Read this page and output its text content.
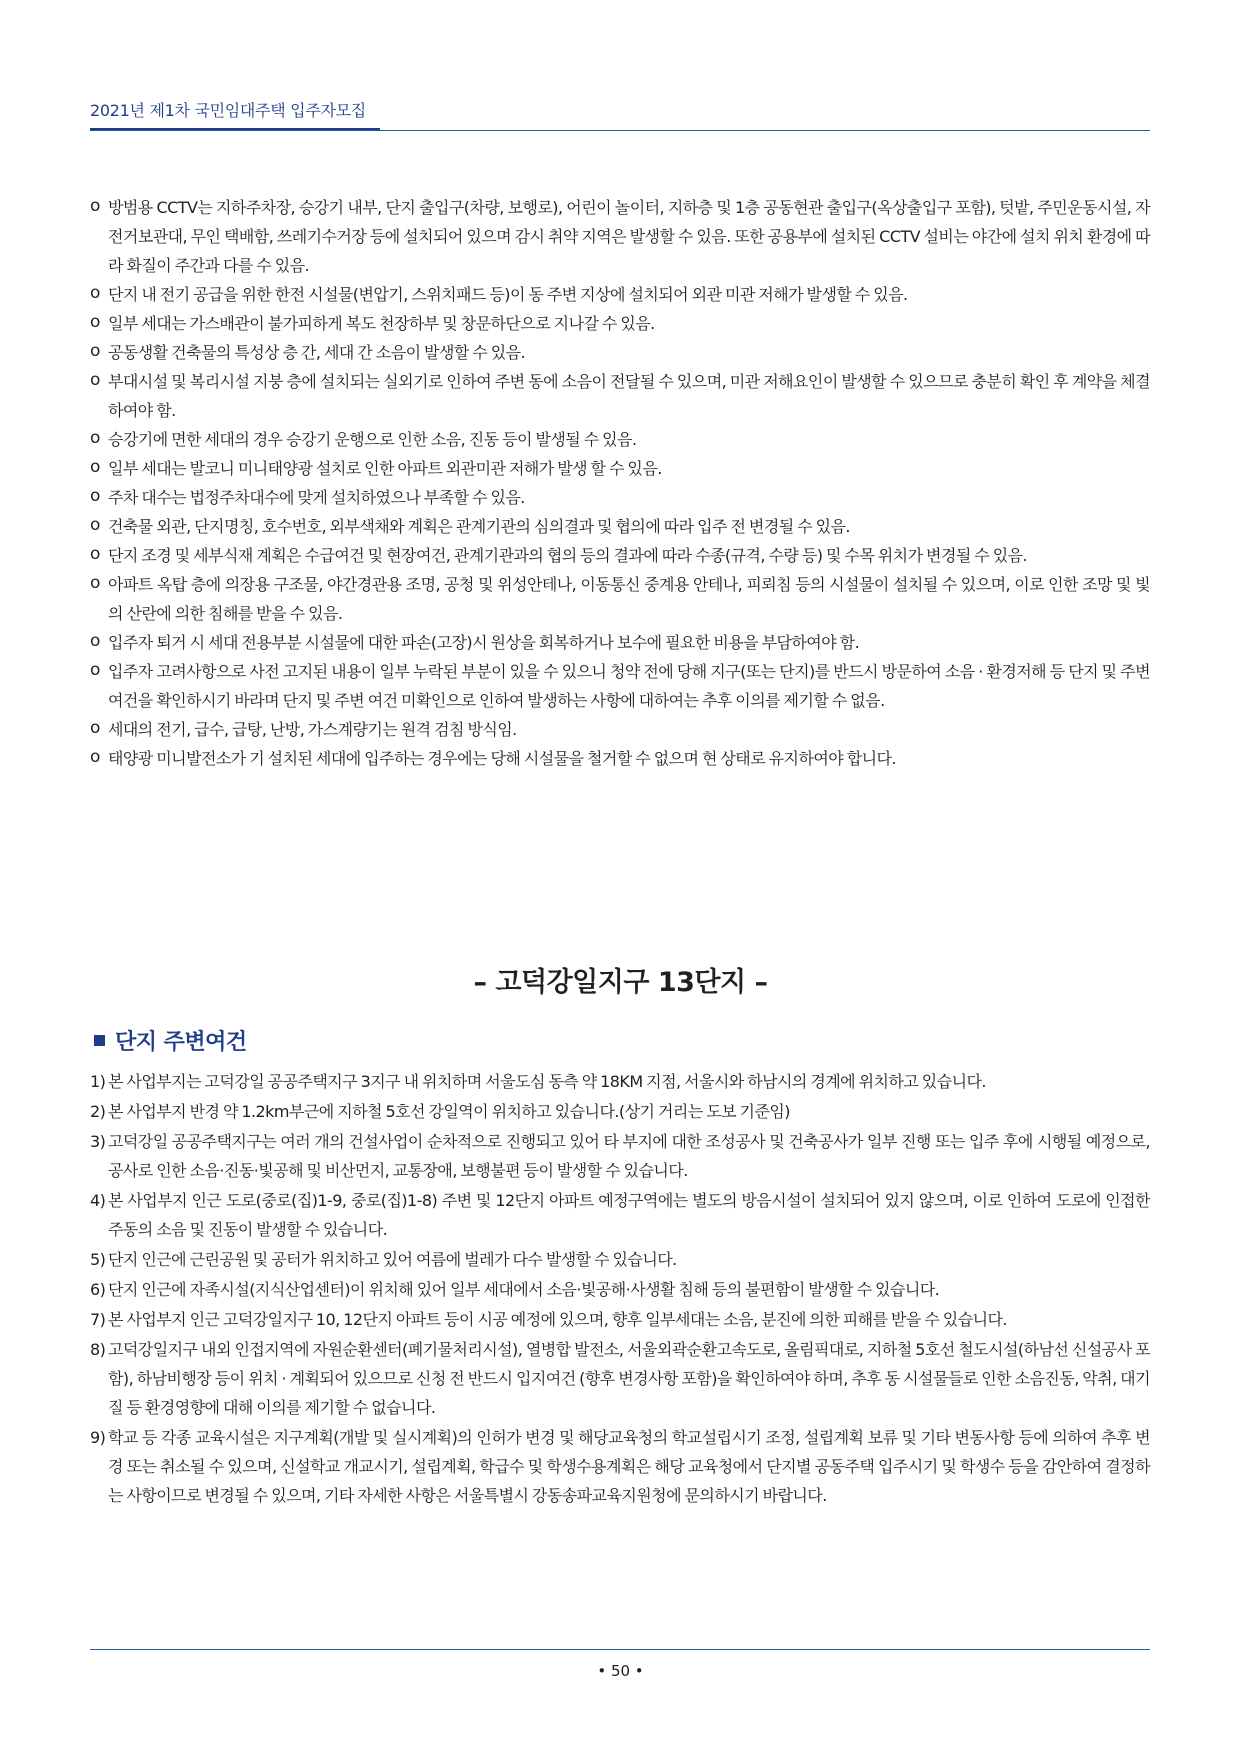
2021년 제1차 국민임대주택 입주자모집
o 방범용 CCTV는 지하주차장, 승강기 내부, 단지 출입구(차량, 보행로), 어린이 놀이터, 지하층 및 1층 공동현관 출입구(옥상출입구 포함), 텃밭, 주민운동시설, 자전거보관대, 무인 택배함, 쓰레기수거장 등에 설치되어 있으며 감시 취약 지역은 발생할 수 있음. 또한 공용부에 설치된 CCTV 설비는 야간에 설치 위치 환경에 따라 화질이 주간과 다를 수 있음.
o 단지 내 전기 공급을 위한 한전 시설물(변압기, 스위치패드 등)이 동 주변 지상에 설치되어 외관 미관 저해가 발생할 수 있음.
o 일부 세대는 가스배관이 불가피하게 복도 천장하부 및 창문하단으로 지나갈 수 있음.
o 공동생활 건축물의 특성상 층 간, 세대 간 소음이 발생할 수 있음.
o 부대시설 및 복리시설 지붕 층에 설치되는 실외기로 인하여 주변 동에 소음이 전달될 수 있으며, 미관 저해요인이 발생할 수 있으므로 충분히 확인 후 계약을 체결하여야 함.
o 승강기에 면한 세대의 경우 승강기 운행으로 인한 소음, 진동 등이 발생될 수 있음.
o 일부 세대는 발코니 미니태양광 설치로 인한 아파트 외관미관 저해가 발생 할 수 있음.
o 주차 대수는 법정주차대수에 맞게 설치하였으나 부족할 수 있음.
o 건축물 외관, 단지명칭, 호수번호, 외부색채와 계획은 관계기관의 심의결과 및 협의에 따라 입주 전 변경될 수 있음.
o 단지 조경 및 세부식재 계획은 수급여건 및 현장여건, 관계기관과의 협의 등의 결과에 따라 수종(규격, 수량 등) 및 수목 위치가 변경될 수 있음.
o 아파트 옥탑 층에 의장용 구조물, 야간경관용 조명, 공청 및 위성안테나, 이동통신 중계용 안테나, 피뢰침 등의 시설물이 설치될 수 있으며, 이로 인한 조망 및 빛의 산란에 의한 침해를 받을 수 있음.
o 입주자 퇴거 시 세대 전용부분 시설물에 대한 파손(고장)시 원상을 회복하거나 보수에 필요한 비용을 부담하여야 함.
o 입주자 고려사항으로 사전 고지된 내용이 일부 누락된 부분이 있을 수 있으니 청약 전에 당해 지구(또는 단지)를 반드시 방문하여 소음 · 환경저해 등 단지 및 주변 여건을 확인하시기 바라며 단지 및 주변 여건 미확인으로 인하여 발생하는 사항에 대하여는 추후 이의를 제기할 수 없음.
o 세대의 전기, 급수, 급탕, 난방, 가스계량기는 원격 검침 방식임.
o 태양광 미니발전소가 기 설치된 세대에 입주하는 경우에는 당해 시설물을 철거할 수 없으며 현 상태로 유지하여야 합니다.
– 고덕강일지구 13단지 –
단지 주변여건
1) 본 사업부지는 고덕강일 공공주택지구 3지구 내 위치하며 서울도심 동측 약 18KM 지점, 서울시와 하남시의 경계에 위치하고 있습니다.
2) 본 사업부지 반경 약 1.2km부근에 지하철 5호선 강일역이 위치하고 있습니다.(상기 거리는 도보 기준임)
3) 고덕강일 공공주택지구는 여러 개의 건설사업이 순차적으로 진행되고 있어 타 부지에 대한 조성공사 및 건축공사가 일부 진행 또는 입주 후에 시행될 예정으로, 공사로 인한 소음·진동·빛공해 및 비산먼지, 교통장애, 보행불편 등이 발생할 수 있습니다.
4) 본 사업부지 인근 도로(중로(집)1-9, 중로(집)1-8) 주변 및 12단지 아파트 예정구역에는 별도의 방음시설이 설치되어 있지 않으며, 이로 인하여 도로에 인접한 주동의 소음 및 진동이 발생할 수 있습니다.
5) 단지 인근에 근린공원 및 공터가 위치하고 있어 여름에 벌레가 다수 발생할 수 있습니다.
6) 단지 인근에 자족시설(지식산업센터)이 위치해 있어 일부 세대에서 소음·빛공해·사생활 침해 등의 불편함이 발생할 수 있습니다.
7) 본 사업부지 인근 고덕강일지구 10, 12단지 아파트 등이 시공 예정에 있으며, 향후 일부세대는 소음, 분진에 의한 피해를 받을 수 있습니다.
8) 고덕강일지구 내외 인접지역에 자원순환센터(폐기물처리시설), 열병합 발전소, 서울외곽순환고속도로, 올림픽대로, 지하철 5호선 철도시설(하남선 신설공사 포함), 하남비행장 등이 위치 · 계획되어 있으므로 신청 전 반드시 입지여건 (향후 변경사항 포함)을 확인하여야 하며, 추후 동 시설물들로 인한 소음진동, 악취, 대기질 등 환경영향에 대해 이의를 제기할 수 없습니다.
9) 학교 등 각종 교육시설은 지구계획(개발 및 실시계획)의 인허가 변경 및 해당교육청의 학교설립시기 조정, 설립계획 보류 및 기타 변동사항 등에 의하여 추후 변경 또는 취소될 수 있으며, 신설학교 개교시기, 설립계획, 학급수 및 학생수용계획은 해당 교육청에서 단지별 공동주택 입주시기 및 학생수 등을 감안하여 결정하는 사항이므로 변경될 수 있으며, 기타 자세한 사항은 서울특별시 강동송파교육지원청에 문의하시기 바랍니다.
• 50 •
